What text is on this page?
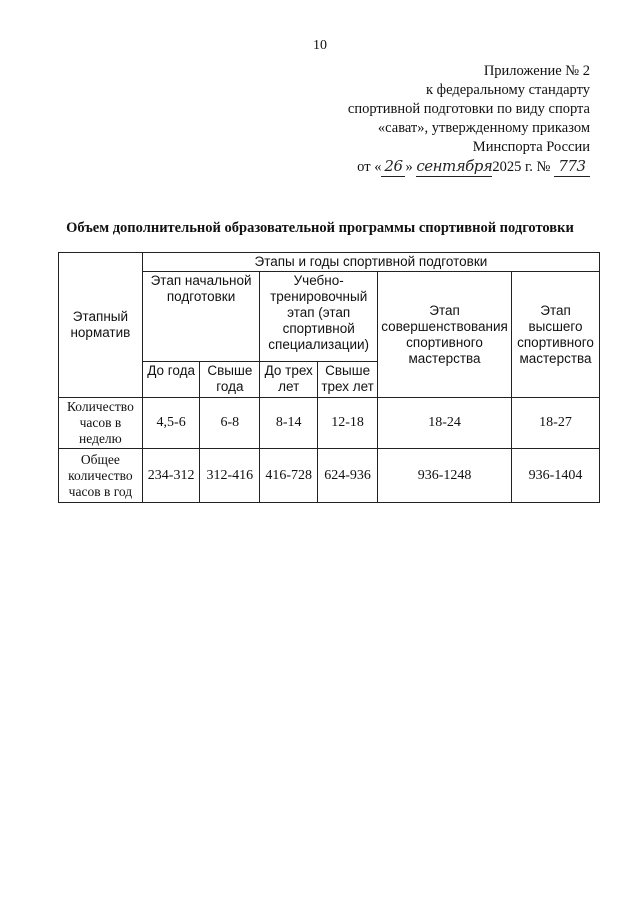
10
Приложение № 2
к федеральному стандарту
спортивной подготовки по виду спорта
«сават», утвержденному приказом
Минспорта России
от « 26 » сентября2025 г. № 773
Объем дополнительной образовательной программы спортивной подготовки
Этапный норматив	Этапы и годы спортивной подготовки					
	Этап начальной подготовки		Учебно-тренировочный этап (этап спортивной специализации)		Этап совершенствования спортивного мастерства	Этап высшего спортивного мастерства
	До года	Свыше года	До трех лет	Свыше трех лет		
Количество часов в неделю	4,5-6	6-8	8-14	12-18	18-24	18-27
Общее количество часов в год	234-312	312-416	416-728	624-936	936-1248	936-1404
